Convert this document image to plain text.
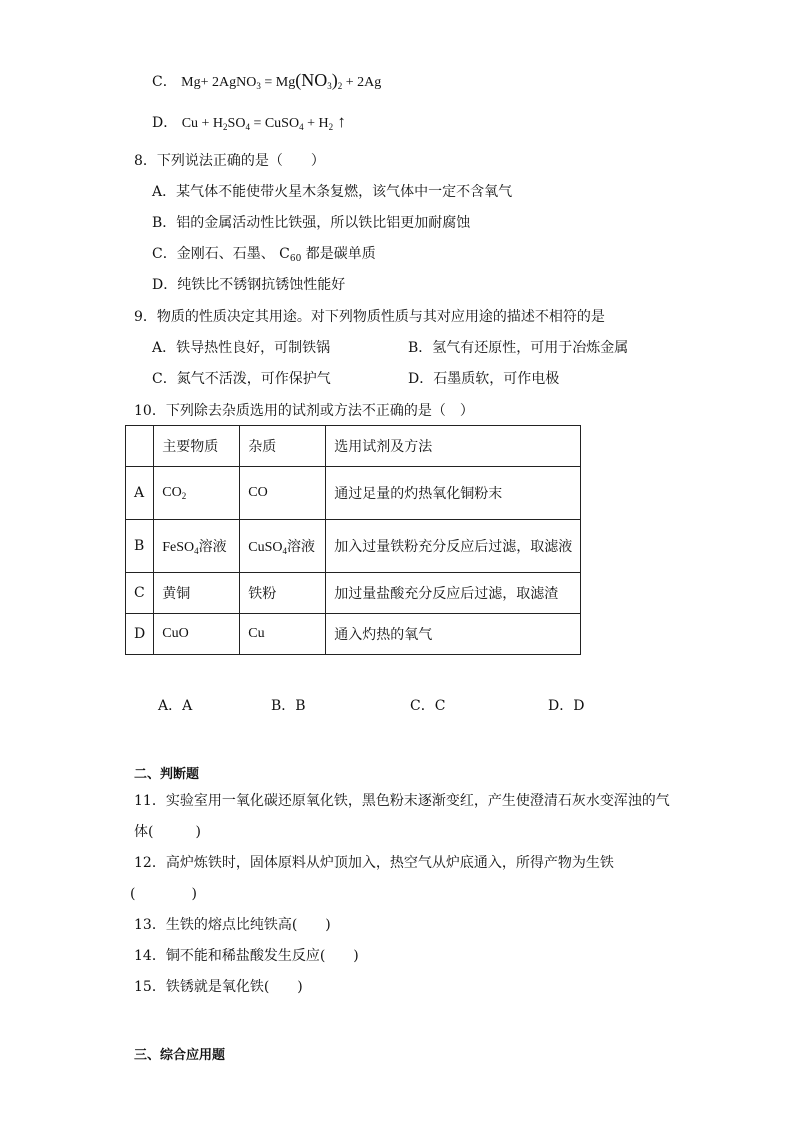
C． Mg+ 2AgNO$_3$ = $Mg(NO_3)_2 + 2Ag$
D． $Cu + H_2SO_4$ = CuSO$_4$ + $H_2$ ↑
8．下列说法正确的是（　　）
A．某气体不能使带火星木条复燃，该气体中一定不含氧气
B．铝的金属活动性比铁强，所以铁比铝更加耐腐蚀
C．金刚石、石墨、 $C_{60}$ 都是碳单质
D．纯铁比不锈钢抗锈蚀性能好
9．物质的性质决定其用途。对下列物质性质与其对应用途的描述不相符的是
A．铁导热性良好，可制铁锅	B．氢气有还原性，可用于冶炼金属
C．氮气不活泼，可作保护气	D．石墨质软，可作电极
10．下列除去杂质选用的试剂或方法不正确的是（　）
	主要物质	杂质	选用试剂及方法
A	$CO_2$	CO	通过足量的灼热氧化铜粉末
B	FeSO$_4$溶液	CuSO$_4$溶液	加入过量铁粉充分反应后过滤，取滤液
C	黄铜	铁粉	加过量盐酸充分反应后过滤，取滤渣
D	CuO	Cu	通入灼热的氧气
A．A	B．B	C．C	D．D
二、判断题
11．实验室用一氧化碳还原氧化铁，黑色粉末逐渐变红，产生使澄清石灰水变浑浊的气
体(　　　)
12．高炉炼铁时，固体原料从炉顶加入，热空气从炉底通入，所得产物为生铁
(　　　　)
13．生铁的熔点比纯铁高(　　)
14．铜不能和稀盐酸发生反应(　　)
15．铁锈就是氧化铁(　　)
三、综合应用题
